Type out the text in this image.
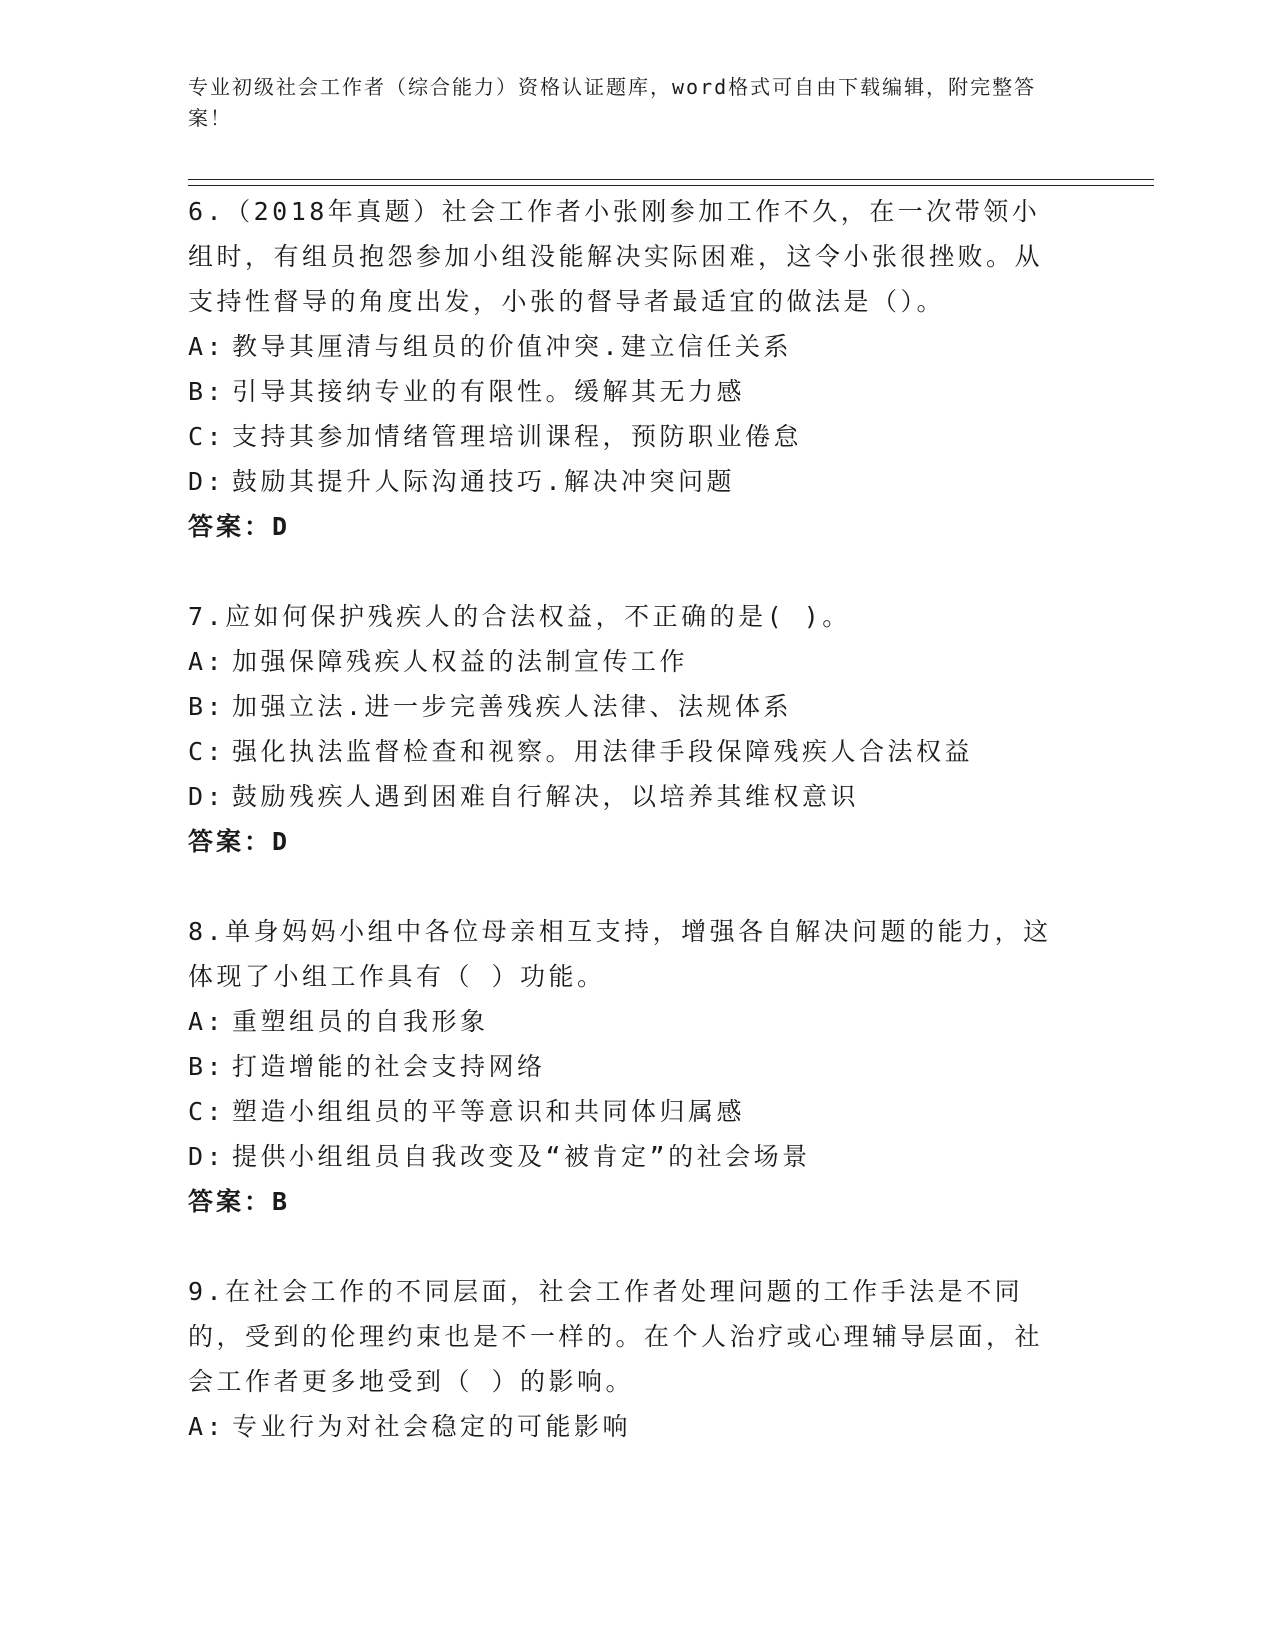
专业初级社会工作者（综合能力）资格认证题库，word格式可自由下载编辑，附完整答案！

6.（2018年真题）社会工作者小张刚参加工作不久，在一次带领小组时，有组员抱怨参加小组没能解决实际困难，这令小张很挫败。从支持性督导的角度出发，小张的督导者最适宜的做法是（）。

A: 教导其厘清与组员的价值冲突.建立信任关系

B: 引导其接纳专业的有限性。缓解其无力感

C: 支持其参加情绪管理培训课程，预防职业倦怠

D: 鼓励其提升人际沟通技巧.解决冲突问题

答案：D

7.应如何保护残疾人的合法权益，不正确的是( )。

A: 加强保障残疾人权益的法制宣传工作

B: 加强立法.进一步完善残疾人法律、法规体系

C: 强化执法监督检查和视察。用法律手段保障残疾人合法权益

D: 鼓励残疾人遇到困难自行解决，以培养其维权意识

答案：D

8.单身妈妈小组中各位母亲相互支持，增强各自解决问题的能力，这体现了小组工作具有（ ）功能。

A: 重塑组员的自我形象

B: 打造增能的社会支持网络

C: 塑造小组组员的平等意识和共同体归属感

D: 提供小组组员自我改变及“被肯定”的社会场景

答案：B

9.在社会工作的不同层面，社会工作者处理问题的工作手法是不同的，受到的伦理约束也是不一样的。在个人治疗或心理辅导层面，社会工作者更多地受到（ ）的影响。

A: 专业行为对社会稳定的可能影响
